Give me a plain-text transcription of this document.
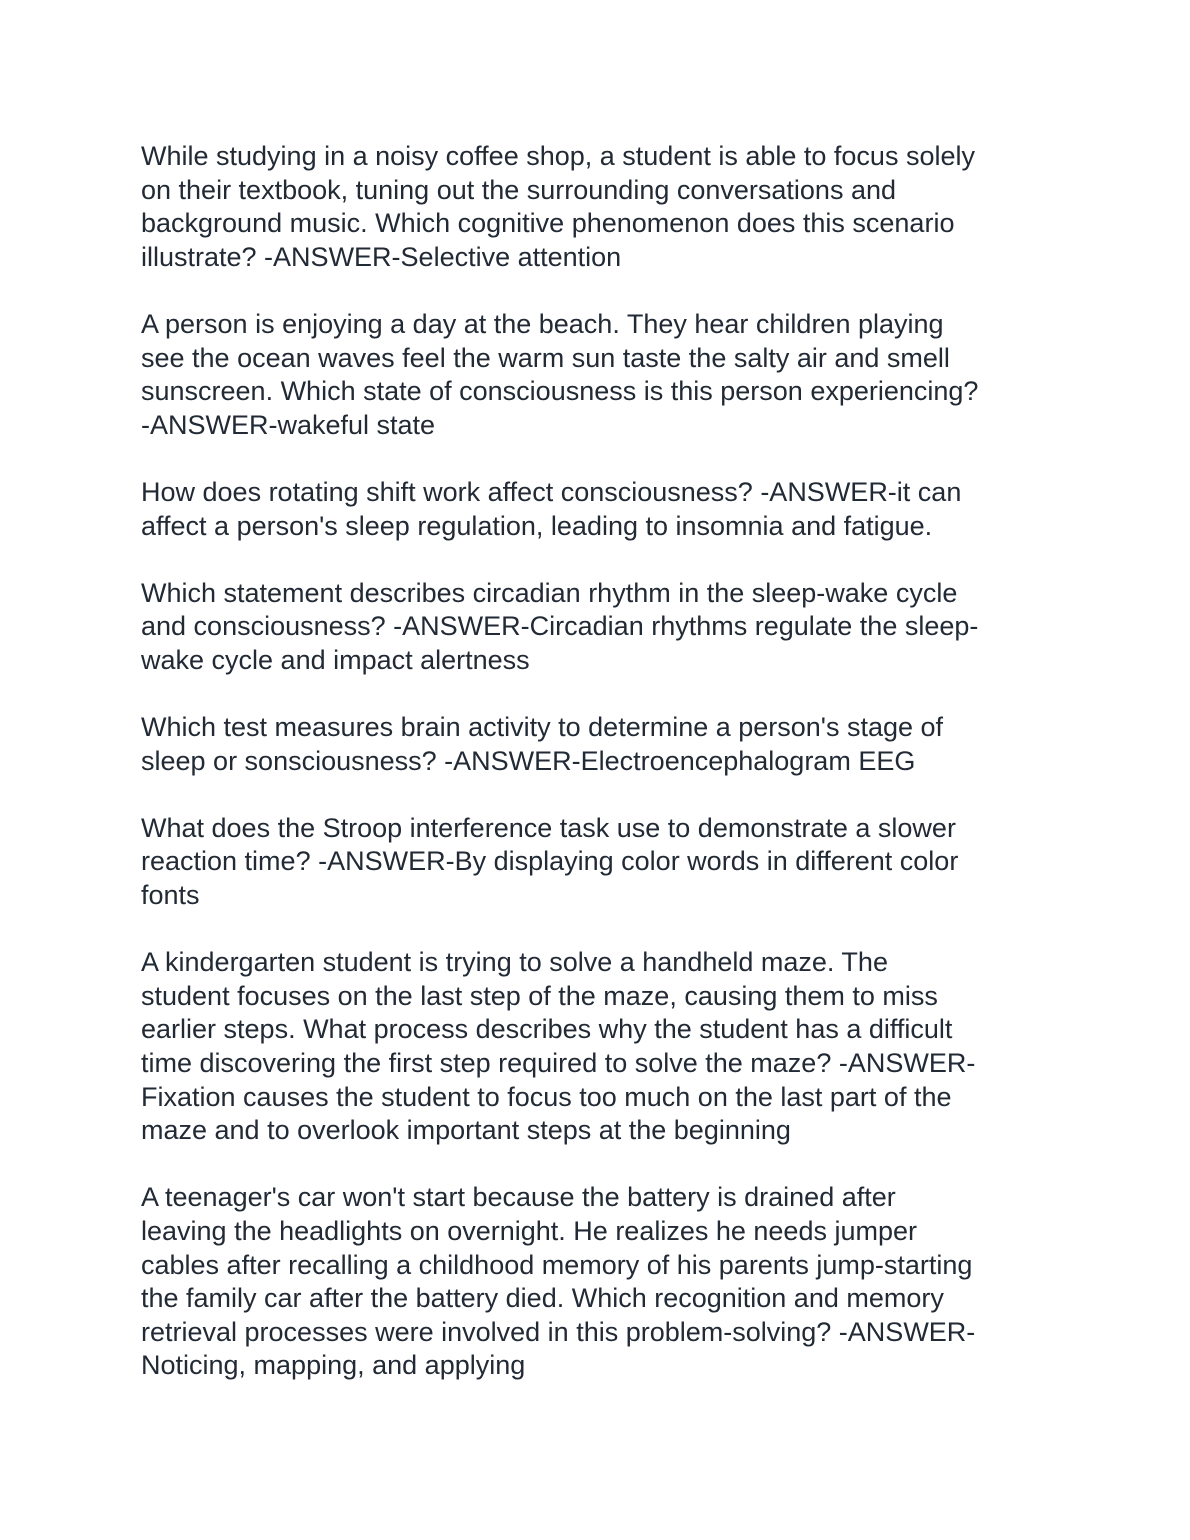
While studying in a noisy coffee shop, a student is able to focus solely
on their textbook, tuning out the surrounding conversations and
background music. Which cognitive phenomenon does this scenario
illustrate? -ANSWER-Selective attention

A person is enjoying a day at the beach. They hear children playing
see the ocean waves feel the warm sun taste the salty air and smell
sunscreen. Which state of consciousness is this person experiencing?
-ANSWER-wakeful state

How does rotating shift work affect consciousness? -ANSWER-it can
affect a person's sleep regulation, leading to insomnia and fatigue.

Which statement describes circadian rhythm in the sleep-wake cycle
and consciousness? -ANSWER-Circadian rhythms regulate the sleep-
wake cycle and impact alertness

Which test measures brain activity to determine a person's stage of
sleep or sonsciousness? -ANSWER-Electroencephalogram EEG

What does the Stroop interference task use to demonstrate a slower
reaction time? -ANSWER-By displaying color words in different color
fonts

A kindergarten student is trying to solve a handheld maze. The
student focuses on the last step of the maze, causing them to miss
earlier steps. What process describes why the student has a difficult
time discovering the first step required to solve the maze? -ANSWER-
Fixation causes the student to focus too much on the last part of the
maze and to overlook important steps at the beginning

A teenager's car won't start because the battery is drained after
leaving the headlights on overnight. He realizes he needs jumper
cables after recalling a childhood memory of his parents jump-starting
the family car after the battery died. Which recognition and memory
retrieval processes were involved in this problem-solving? -ANSWER-
Noticing, mapping, and applying
